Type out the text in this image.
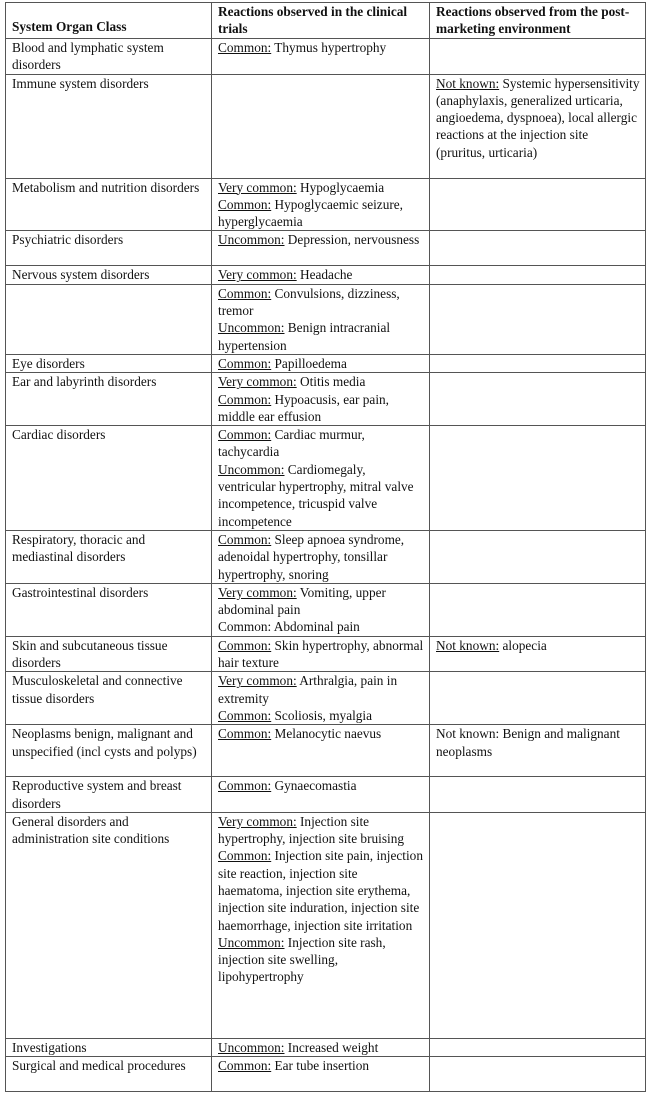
System Organ Class	Reactions observed in the clinical trials	Reactions observed from the post-marketing environment
Blood and lymphatic system disorders	Common: Thymus hypertrophy	

Immune system disorders		Not known: Systemic hypersensitivity (anaphylaxis, generalized urticaria, angioedema, dyspnoea), local allergic reactions at the injection site (pruritus, urticaria)

Metabolism and nutrition disorders	Very common: Hypoglycaemia
Common: Hypoglycaemic seizure, hyperglycaemia	

Psychiatric disorders	Uncommon: Depression, nervousness	

Nervous system disorders	Very common: Headache	

	Common: Convulsions, dizziness, tremor
Uncommon: Benign intracranial hypertension	

Eye disorders	Common: Papilloedema	

Ear and labyrinth disorders	Very common: Otitis media
Common: Hypoacusis, ear pain, middle ear effusion	

Cardiac disorders	Common: Cardiac murmur, tachycardia
Uncommon: Cardiomegaly, ventricular hypertrophy, mitral valve incompetence, tricuspid valve incompetence	

Respiratory, thoracic and mediastinal disorders	Common: Sleep apnoea syndrome, adenoidal hypertrophy, tonsillar hypertrophy, snoring	

Gastrointestinal disorders	Very common: Vomiting, upper abdominal pain
Common: Abdominal pain	

Skin and subcutaneous tissue disorders	Common: Skin hypertrophy, abnormal hair texture	Not known: alopecia

Musculoskeletal and connective tissue disorders	Very common: Arthralgia, pain in extremity
Common: Scoliosis, myalgia	

Neoplasms benign, malignant and unspecified (incl cysts and polyps)	Common: Melanocytic naevus	Not known: Benign and malignant neoplasms

Reproductive system and breast disorders	Common: Gynaecomastia	

General disorders and administration site conditions	Very common: Injection site hypertrophy, injection site bruising
Common: Injection site pain, injection site reaction, injection site haematoma, injection site erythema, injection site induration, injection site haemorrhage, injection site irritation
Uncommon: Injection site rash, injection site swelling, lipohypertrophy	

Investigations	Uncommon: Increased weight	

Surgical and medical procedures	Common: Ear tube insertion	
